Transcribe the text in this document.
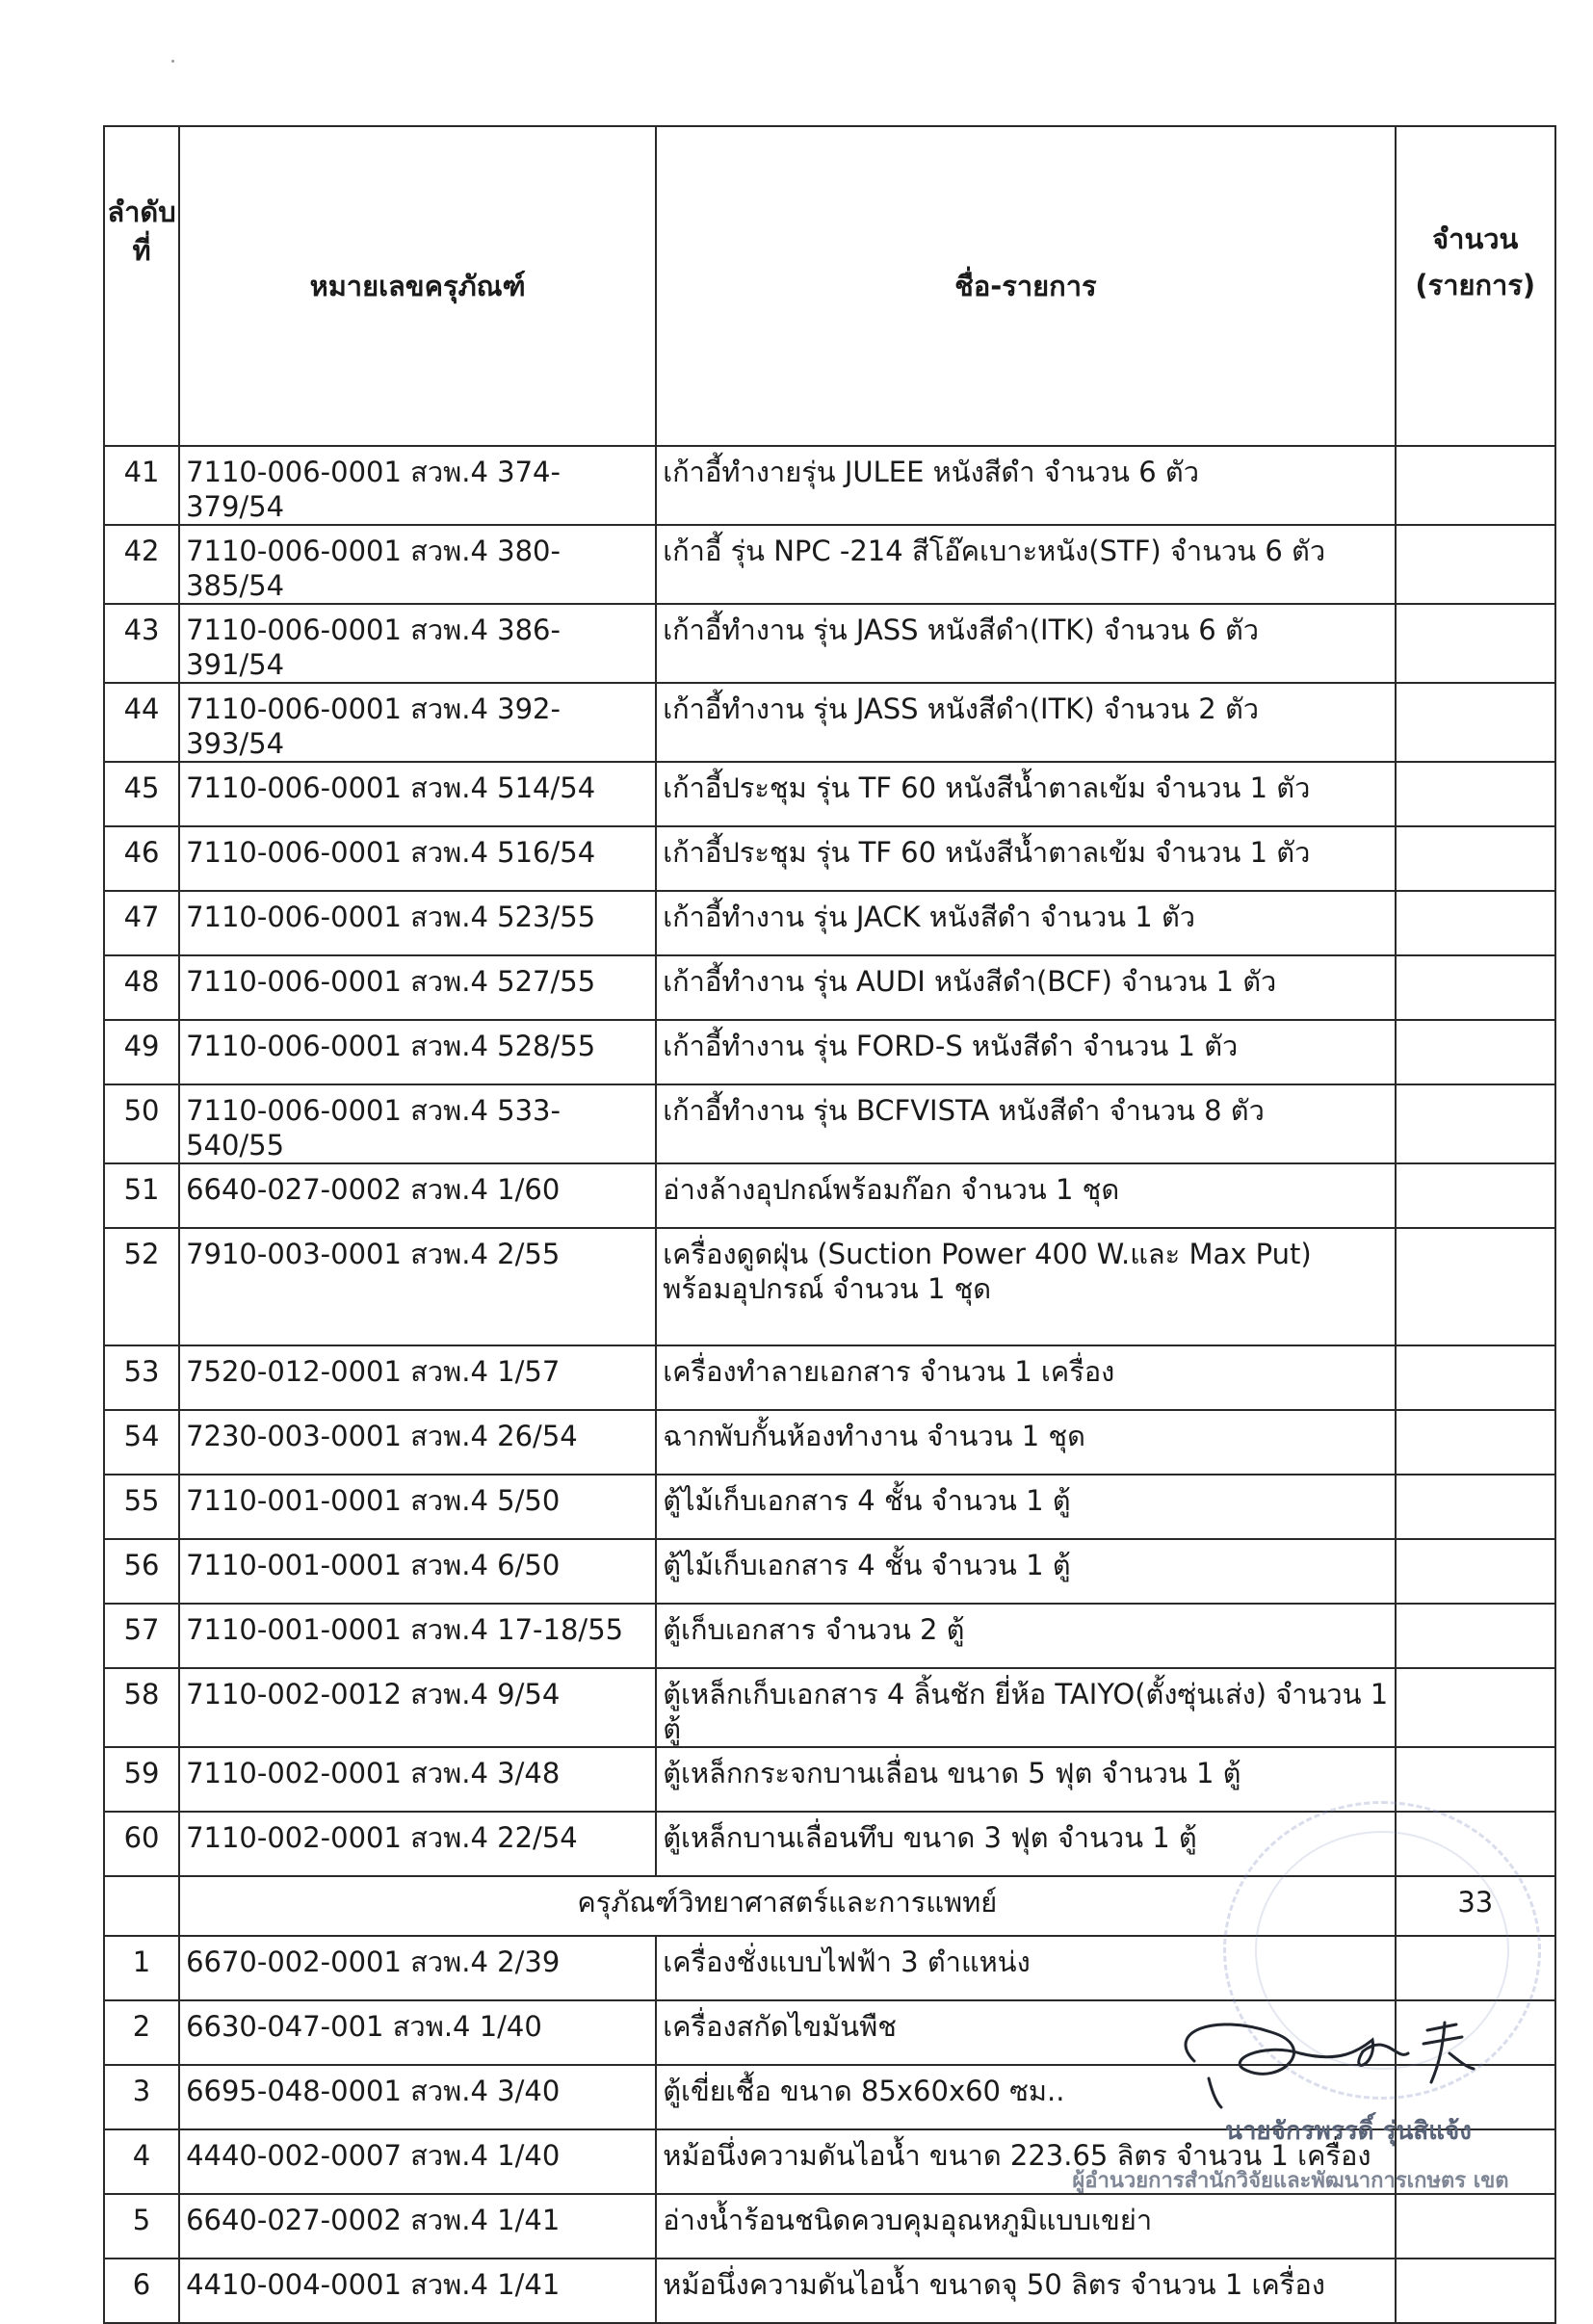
ลำดับ ที่	หมายเลขครุภัณฑ์	ชื่อ-รายการ	จำนวน (รายการ)
41	7110-006-0001 สวพ.4 374-379/54	เก้าอี้ทำงายรุ่น JULEE หนังสีดำ จำนวน 6 ตัว	
42	7110-006-0001 สวพ.4 380-385/54	เก้าอี้ รุ่น NPC -214 สีโอ๊คเบาะหนัง(STF) จำนวน 6 ตัว	
43	7110-006-0001 สวพ.4 386-391/54	เก้าอี้ทำงาน รุ่น JASS หนังสีดำ(ITK) จำนวน 6 ตัว	
44	7110-006-0001 สวพ.4 392-393/54	เก้าอี้ทำงาน รุ่น JASS หนังสีดำ(ITK) จำนวน 2 ตัว	
45	7110-006-0001 สวพ.4 514/54	เก้าอี้ประชุม รุ่น TF 60 หนังสีน้ำตาลเข้ม จำนวน 1 ตัว	
46	7110-006-0001 สวพ.4 516/54	เก้าอี้ประชุม รุ่น TF 60 หนังสีน้ำตาลเข้ม จำนวน 1 ตัว	
47	7110-006-0001 สวพ.4 523/55	เก้าอี้ทำงาน รุ่น JACK หนังสีดำ จำนวน 1 ตัว	
48	7110-006-0001 สวพ.4 527/55	เก้าอี้ทำงาน รุ่น AUDI หนังสีดำ(BCF) จำนวน 1 ตัว	
49	7110-006-0001 สวพ.4 528/55	เก้าอี้ทำงาน รุ่น FORD-S หนังสีดำ จำนวน 1 ตัว	
50	7110-006-0001 สวพ.4 533-540/55	เก้าอี้ทำงาน รุ่น BCFVISTA หนังสีดำ จำนวน 8 ตัว	
51	6640-027-0002 สวพ.4 1/60	อ่างล้างอุปกณ์พร้อมก๊อก จำนวน 1 ชุด	
52	7910-003-0001 สวพ.4 2/55	เครื่องดูดฝุ่น (Suction Power 400 W.และ Max Put) พร้อมอุปกรณ์ จำนวน 1 ชุด	
53	7520-012-0001 สวพ.4 1/57	เครื่องทำลายเอกสาร จำนวน 1 เครื่อง	
54	7230-003-0001 สวพ.4 26/54	ฉากพับกั้นห้องทำงาน จำนวน 1 ชุด	
55	7110-001-0001 สวพ.4 5/50	ตู้ไม้เก็บเอกสาร 4 ชั้น จำนวน 1 ตู้	
56	7110-001-0001 สวพ.4 6/50	ตู้ไม้เก็บเอกสาร 4 ชั้น จำนวน 1 ตู้	
57	7110-001-0001 สวพ.4 17-18/55	ตู้เก็บเอกสาร จำนวน 2 ตู้	
58	7110-002-0012 สวพ.4 9/54	ตู้เหล็กเก็บเอกสาร 4 ลิ้นชัก ยี่ห้อ TAIYO(ตั้งซุ่นเส่ง) จำนวน 1 ตู้	
59	7110-002-0001 สวพ.4 3/48	ตู้เหล็กกระจกบานเลื่อน ขนาด 5 ฟุต จำนวน 1 ตู้	
60	7110-002-0001 สวพ.4 22/54	ตู้เหล็กบานเลื่อนทึบ ขนาด 3 ฟุต จำนวน 1 ตู้	
	ครุภัณฑ์วิทยาศาสตร์และการแพทย์		33
1	6670-002-0001 สวพ.4 2/39	เครื่องชั่งแบบไฟฟ้า 3 ตำแหน่ง	
2	6630-047-001 สวพ.4 1/40	เครื่องสกัดไขมันพืช	
3	6695-048-0001 สวพ.4 3/40	ตู้เขี่ยเชื้อ ขนาด 85x60x60 ซม..	
4	4440-002-0007 สวพ.4 1/40	หม้อนึ่งความดันไอน้ำ ขนาด 223.65 ลิตร จำนวน 1 เครื่อง	
5	6640-027-0002 สวพ.4 1/41	อ่างน้ำร้อนชนิดควบคุมอุณหภูมิแบบเขย่า	
6	4410-004-0001 สวพ.4 1/41	หม้อนึ่งความดันไอน้ำ ขนาดจุ 50 ลิตร จำนวน 1 เครื่อง	
นายจักรพรรดิ์ รุ่นสิแจ้ง
ผู้อำนวยการสำนักวิจัยและพัฒนาการเกษตร เขต
